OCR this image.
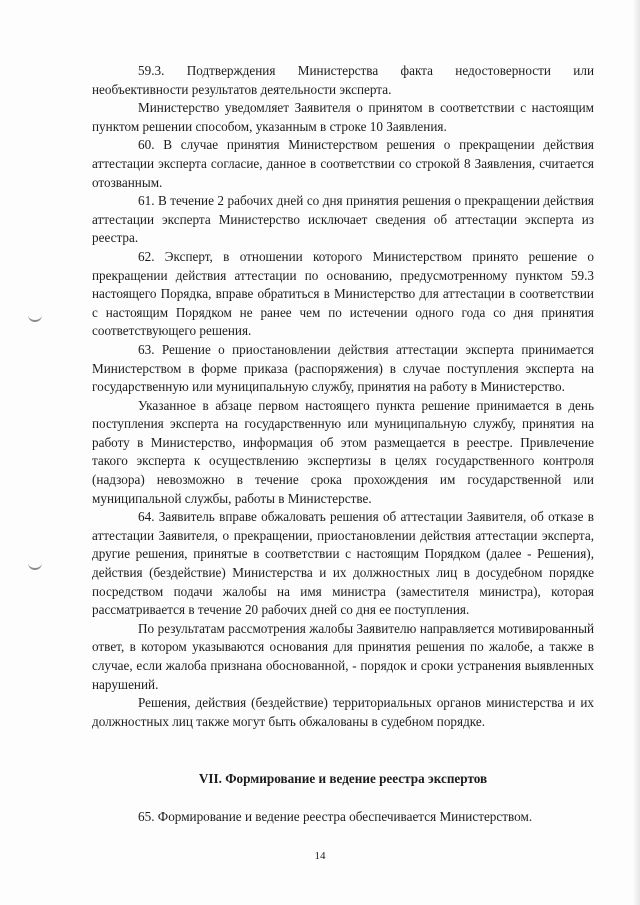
59.3. Подтверждения Министерства факта недостоверности или необъективности результатов деятельности эксперта.

Министерство уведомляет Заявителя о принятом в соответствии с настоящим пунктом решении способом, указанным в строке 10 Заявления.

60. В случае принятия Министерством решения о прекращении действия аттестации эксперта согласие, данное в соответствии со строкой 8 Заявления, считается отозванным.

61. В течение 2 рабочих дней со дня принятия решения о прекращении действия аттестации эксперта Министерство исключает сведения об аттестации эксперта из реестра.

62. Эксперт, в отношении которого Министерством принято решение о прекращении действия аттестации по основанию, предусмотренному пунктом 59.3 настоящего Порядка, вправе обратиться в Министерство для аттестации в соответствии с настоящим Порядком не ранее чем по истечении одного года со дня принятия соответствующего решения.

63. Решение о приостановлении действия аттестации эксперта принимается Министерством в форме приказа (распоряжения) в случае поступления эксперта на государственную или муниципальную службу, принятия на работу в Министерство.

Указанное в абзаце первом настоящего пункта решение принимается в день поступления эксперта на государственную или муниципальную службу, принятия на работу в Министерство, информация об этом размещается в реестре. Привлечение такого эксперта к осуществлению экспертизы в целях государственного контроля (надзора) невозможно в течение срока прохождения им государственной или муниципальной службы, работы в Министерстве.

64. Заявитель вправе обжаловать решения об аттестации Заявителя, об отказе в аттестации Заявителя, о прекращении, приостановлении действия аттестации эксперта, другие решения, принятые в соответствии с настоящим Порядком (далее - Решения), действия (бездействие) Министерства и их должностных лиц в досудебном порядке посредством подачи жалобы на имя министра (заместителя министра), которая рассматривается в течение 20 рабочих дней со дня ее поступления.

По результатам рассмотрения жалобы Заявителю направляется мотивированный ответ, в котором указываются основания для принятия решения по жалобе, а также в случае, если жалоба признана обоснованной, - порядок и сроки устранения выявленных нарушений.

Решения, действия (бездействие) территориальных органов министерства и их должностных лиц также могут быть обжалованы в судебном порядке.

VII. Формирование и ведение реестра экспертов
65. Формирование и ведение реестра обеспечивается Министерством.
14
